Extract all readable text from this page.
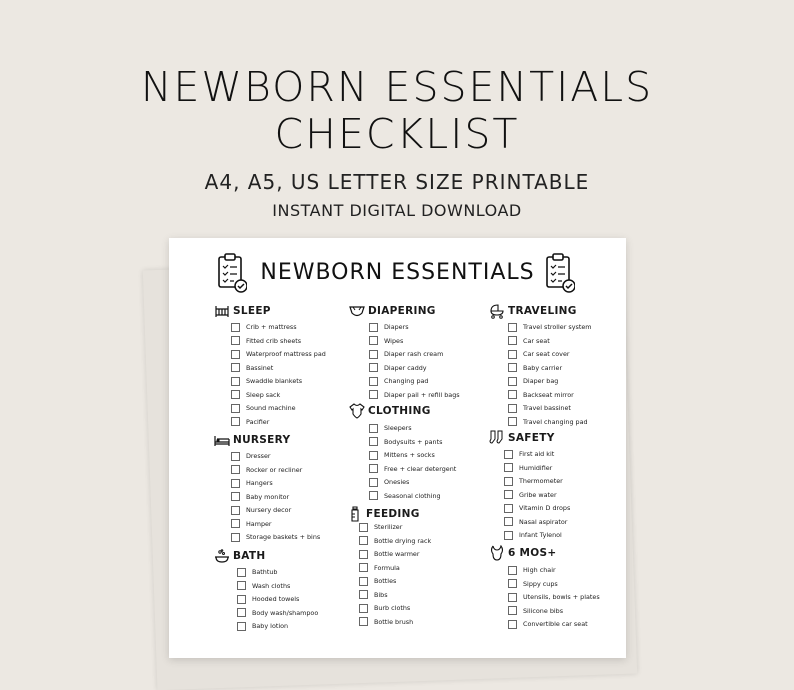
NEWBORN ESSENTIALS
CHECKLIST
A4, A5, US LETTER SIZE PRINTABLE
INSTANT DIGITAL DOWNLOAD
NEWBORN ESSENTIALS
SLEEP
Crib + mattress
Fitted crib sheets
Waterproof mattress pad
Bassinet
Swaddle blankets
Sleep sack
Sound machine
Pacifier
NURSERY
Dresser
Rocker or recliner
Hangers
Baby monitor
Nursery decor
Hamper
Storage baskets + bins
BATH
Bathtub
Wash cloths
Hooded towels
Body wash/shampoo
Baby lotion
DIAPERING
Diapers
Wipes
Diaper rash cream
Diaper caddy
Changing pad
Diaper pail + refill bags
CLOTHING
Sleepers
Bodysuits + pants
Mittens + socks
Free + clear detergent
Onesies
Seasonal clothing
FEEDING
Sterilizer
Bottle drying rack
Bottle warmer
Formula
Bottles
Bibs
Burb cloths
Bottle brush
TRAVELING
Travel stroller system
Car seat
Car seat cover
Baby carrier
Diaper bag
Backseat mirror
Travel bassinet
Travel changing pad
SAFETY
First aid kit
Humidifier
Thermometer
Gribe water
Vitamin D drops
Nasal aspirator
Infant Tylenol
6 MOS+
High chair
Sippy cups
Utensils, bowls + plates
Silicone bibs
Convertible car seat
